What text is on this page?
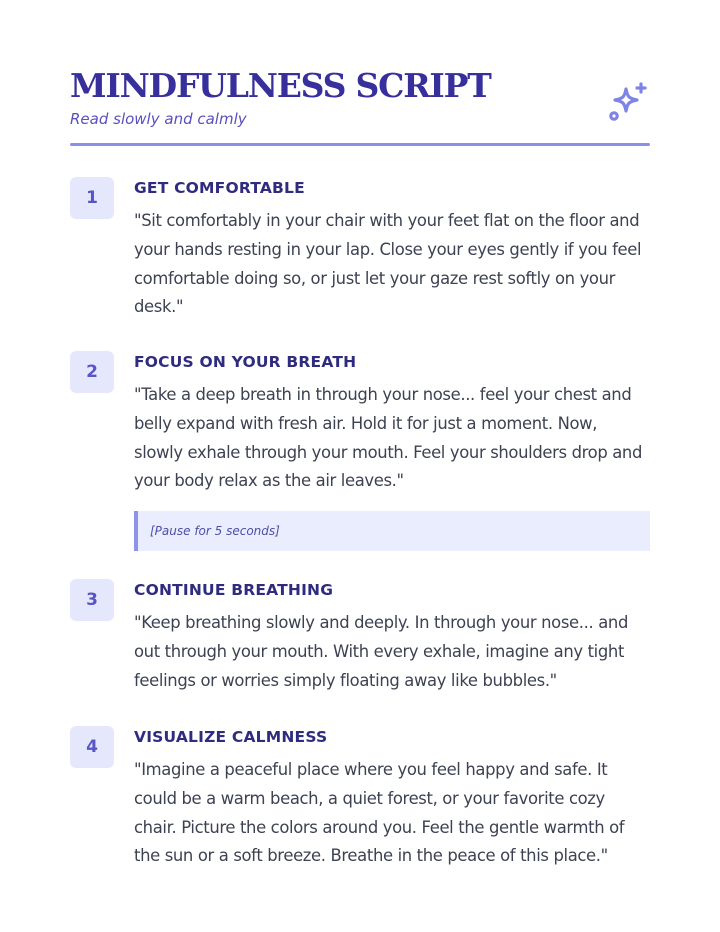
MINDFULNESS SCRIPT
Read slowly and calmly
1	GET COMFORTABLE
"Sit comfortably in your chair with your feet flat on the floor and your hands resting in your lap. Close your eyes gently if you feel comfortable doing so, or just let your gaze rest softly on your desk."
2	FOCUS ON YOUR BREATH
"Take a deep breath in through your nose... feel your chest and belly expand with fresh air. Hold it for just a moment. Now, slowly exhale through your mouth. Feel your shoulders drop and your body relax as the air leaves."
[Pause for 5 seconds]
3	CONTINUE BREATHING
"Keep breathing slowly and deeply. In through your nose... and out through your mouth. With every exhale, imagine any tight feelings or worries simply floating away like bubbles."
4	VISUALIZE CALMNESS
"Imagine a peaceful place where you feel happy and safe. It could be a warm beach, a quiet forest, or your favorite cozy chair. Picture the colors around you. Feel the gentle warmth of the sun or a soft breeze. Breathe in the peace of this place."
